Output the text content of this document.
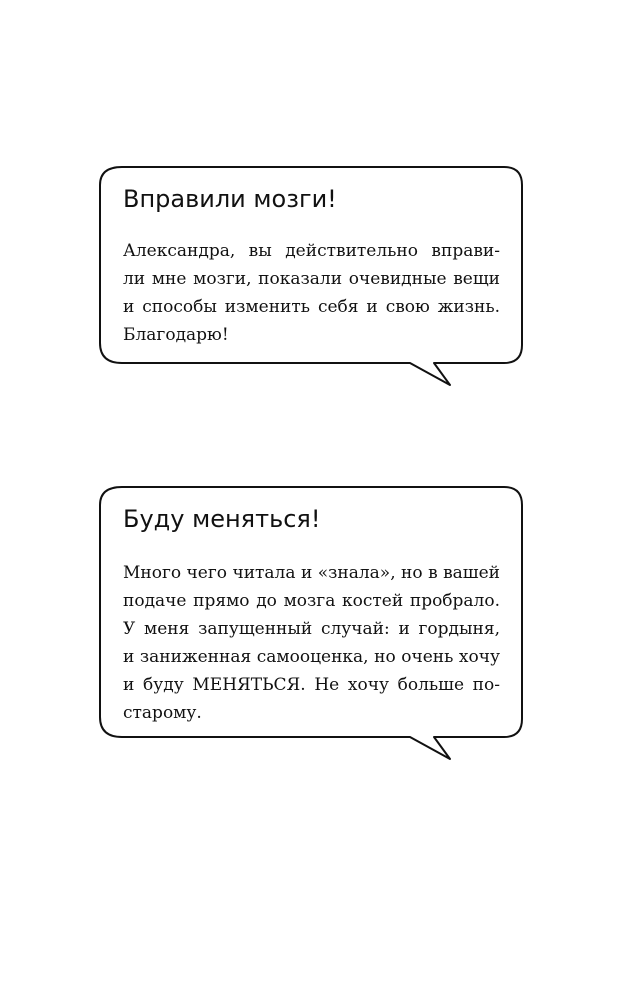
Вправили мозги!
Александра, вы действительно вправи-
ли мне мозги, показали очевидные вещи
и способы изменить себя и свою жизнь.
Благодарю!
Буду меняться!
Много чего читала и «знала», но в вашей
подаче прямо до мозга костей пробрало.
У меня запущенный случай: и гордыня,
и заниженная самооценка, но очень хочу
и буду МЕНЯТЬСЯ. Не хочу больше по-
старому.
